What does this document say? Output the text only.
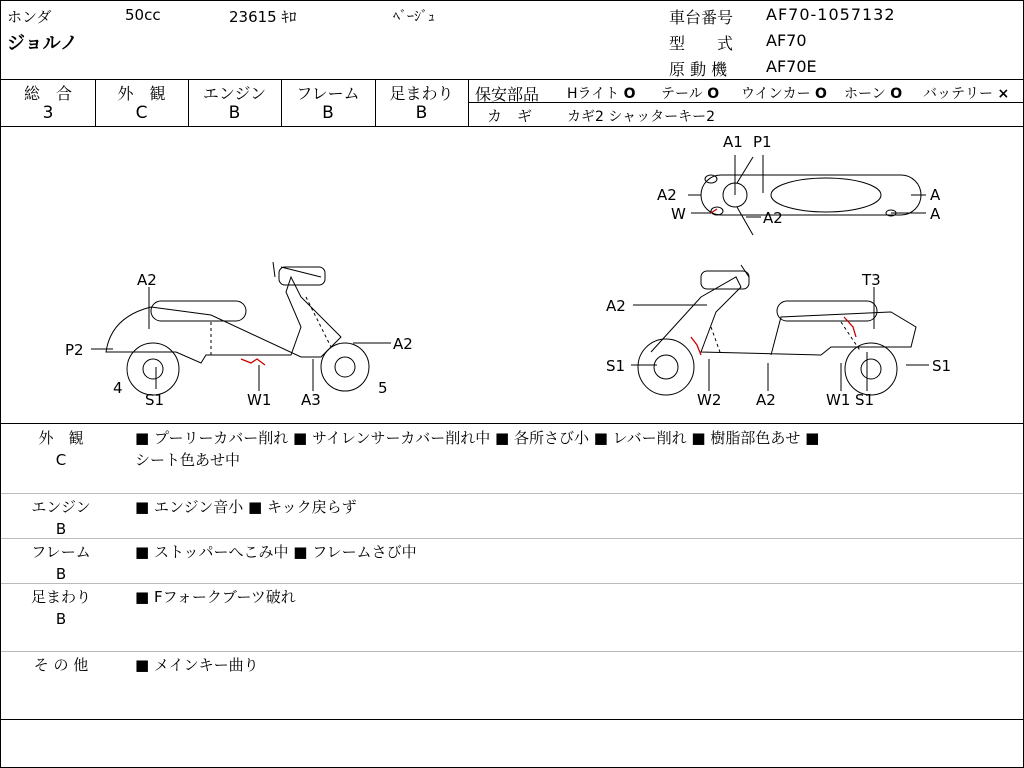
ホンダ	50cc	23615 ｷﾛ	ﾍﾞｰｼﾞｭ
ジョルノ
車台番号 AF70-1057132
型　　式 AF70
原 動 機 AF70E
総　合
3
外　観
C
エンジン
B
フレーム
B
足まわり
B
保安部品 Hライト O テール O ウインカー O ホーン O バッテリー ×
カ　ギ カギ2 シャッターキー2
A1 P1
A2
W	A2
A
A
A2
P2
4
S1	W1 A3
A2
5
A2
T3
S1
W2 A2	W1 S1
S1
外　観
C
■ プーリーカバー削れ ■ サイレンサーカバー削れ中 ■ 各所さび小 ■ レバー削れ ■ 樹脂部色あせ ■
シート色あせ中
エンジン
B
■ エンジン音小 ■ キック戻らず
フレーム
B
■ ストッパーへこみ中 ■ フレームさび中
足まわり
B
■ Fフォークブーツ破れ
そ の 他	■ メインキー曲り
